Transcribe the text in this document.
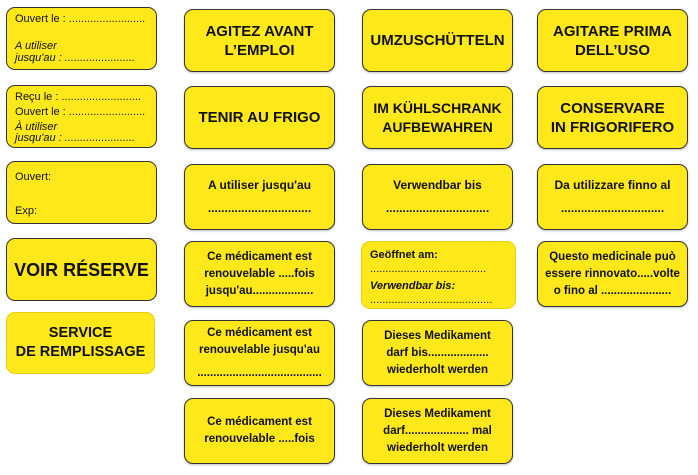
Ouvert le : .........................
A utiliser
jusqu'au : .......................
Reçu le : ..........................
Ouvert le : .........................
À utiliser
jusqu'au : .......................
Ouvert:
Exp:
VOIR RÉSERVE
SERVICE
DE REMPLISSAGE
AGITEZ AVANT
L’EMPLOI
TENIR AU FRIGO
A utiliser jusqu'au
...............................
Ce médicament est
renouvelable .....fois
jusqu'au...................
Ce médicament est
renouvelable jusqu'au
.......................................
Ce médicament est
renouvelable .....fois
UMZUSCHÜTTELN
IM KÜHLSCHRANK
AUFBEWAHREN
Verwendbar bis
...............................
Geöffnet am:
......................................
Verwendbar bis:
........................................
Dieses Medikament
darf bis...................
wiederholt werden
Dieses Medikament
darf.................... mal
wiederholt werden
AGITARE PRIMA
DELL’USO
CONSERVARE
IN FRIGORIFERO
Da utilizzare finno al
...............................
Questo medicinale può
essere rinnovato.....volte
o fino al ......................
